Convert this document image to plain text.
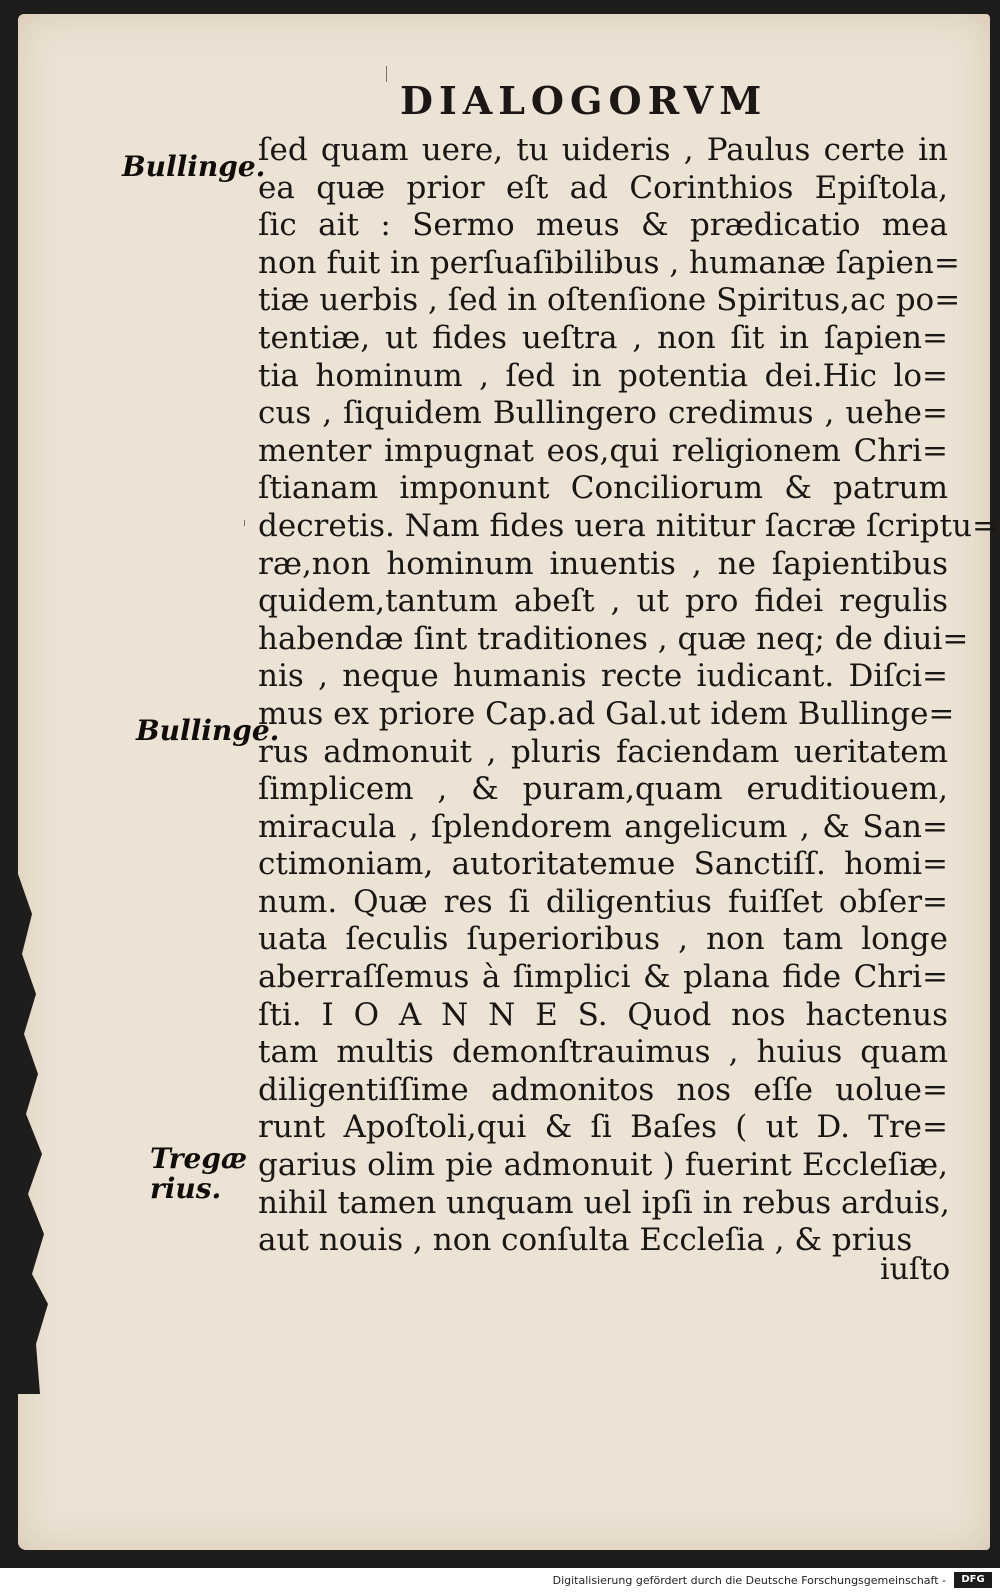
DIALOGORVM
Bullinge.
Bullinge.
Tregæ
rius.
ſed quam uere, tu uideris , Paulus certe in
ea quæ prior eſt ad Corinthios Epiſtola,
ſic ait : Sermo meus & prædicatio mea
non fuit in perſuaſibilibus , humanæ ſapien=
tiæ uerbis , ſed in oſtenſione Spiritus,ac po=
tentiæ, ut fides ueſtra , non ſit in ſapien=
tia hominum , ſed in potentia dei.Hic lo=
cus , ſiquidem Bullingero credimus , uehe=
menter impugnat eos,qui religionem Chri=
ſtianam imponunt Conciliorum & patrum
decretis. Nam fides uera nititur ſacræ ſcriptu=
ræ,non hominum inuentis , ne ſapientibus
quidem,tantum abeſt , ut pro fidei regulis
habendæ ſint traditiones , quæ neq; de diui=
nis , neque humanis recte iudicant. Diſci=
mus ex priore Cap.ad Gal.ut idem Bullinge=
rus admonuit , pluris faciendam ueritatem
ſimplicem , & puram,quam eruditiouem,
miracula , ſplendorem angelicum , & San=
ctimoniam, autoritatemue Sanctiſſ. homi=
num. Quæ res ſi diligentius fuiſſet obſer=
uata ſeculis ſuperioribus , non tam longe
aberraſſemus à ſimplici & plana fide Chri=
ſti. I O A N N E S. Quod nos hactenus
tam multis demonſtrauimus , huius quam
diligentiſſime admonitos nos eſſe uolue=
runt Apoſtoli,qui & ſi Baſes ( ut D. Tre=
garius olim pie admonuit ) fuerint Eccleſiæ,
nihil tamen unquam uel ipſi in rebus arduis,
aut nouis , non conſulta Eccleſia , & prius
iuſto
Digitalisierung gefördert durch die Deutsche Forschungsgemeinschaft -	DFG
